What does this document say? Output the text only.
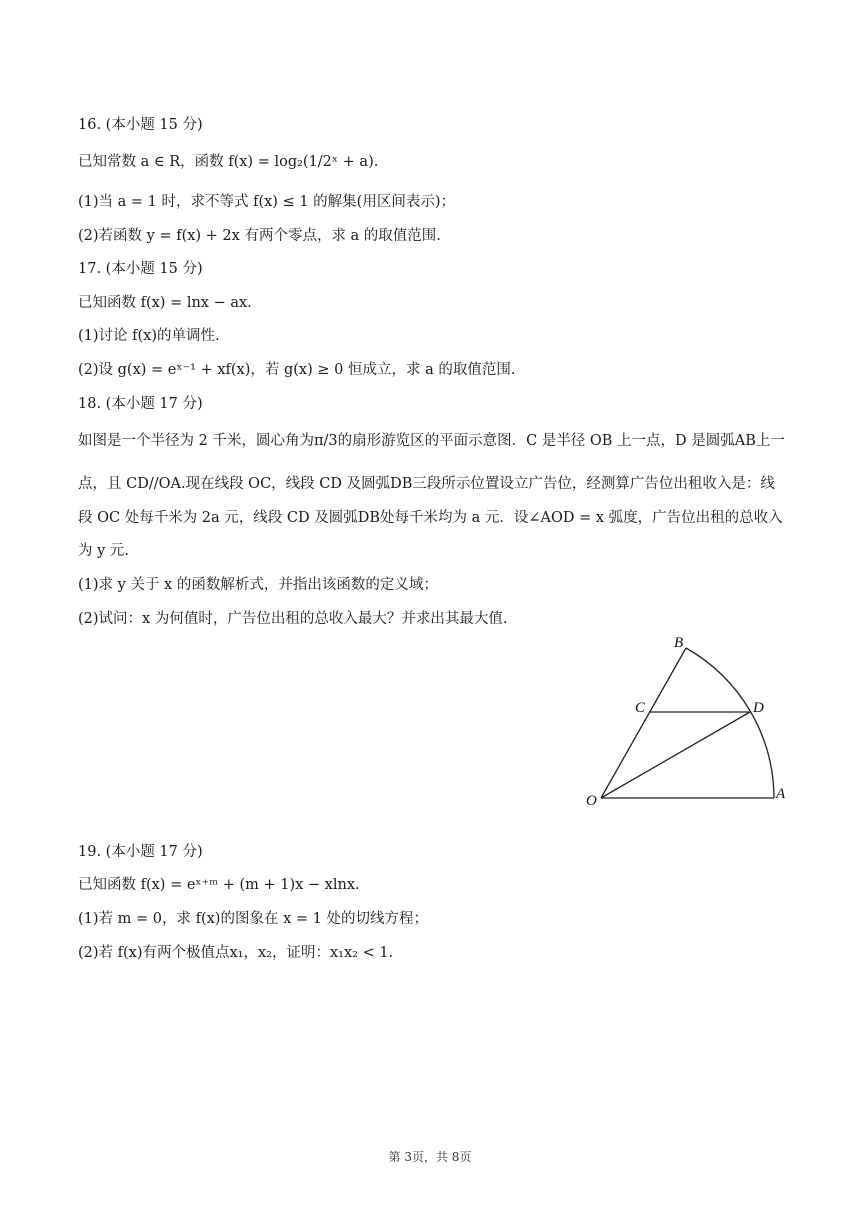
16. (本小题 15 分)
已知常数 a ∈ R，函数 f(x) = log₂(1/2ˣ + a).
(1)当 a = 1 时，求不等式 f(x) ≤ 1 的解集(用区间表示)；
(2)若函数 y = f(x) + 2x 有两个零点，求 a 的取值范围.
17. (本小题 15 分)
已知函数 f(x) = lnx − ax.
(1)讨论 f(x)的单调性.
(2)设 g(x) = eˣ⁻¹ + xf(x)，若 g(x) ≥ 0 恒成立，求 a 的取值范围.
18. (本小题 17 分)
如图是一个半径为 2 千米，圆心角为π/3的扇形游览区的平面示意图．C 是半径 OB 上一点，D 是圆弧AB上一
点，且 CD//OA.现在线段 OC，线段 CD 及圆弧DB三段所示位置设立广告位，经测算广告位出租收入是：线
段 OC 处每千米为 2a 元，线段 CD 及圆弧DB处每千米均为 a 元．设∠AOD = x 弧度，广告位出租的总收入
为 y 元.
(1)求 y 关于 x 的函数解析式，并指出该函数的定义域；
(2)试问：x 为何值时，广告位出租的总收入最大？并求出其最大值.
B
C	D
O	A
19. (本小题 17 分)
已知函数 f(x) = eˣ⁺ᵐ + (m + 1)x − xlnx.
(1)若 m = 0，求 f(x)的图象在 x = 1 处的切线方程；
(2)若 f(x)有两个极值点x₁，x₂，证明：x₁x₂ < 1.
第 3页，共 8页
